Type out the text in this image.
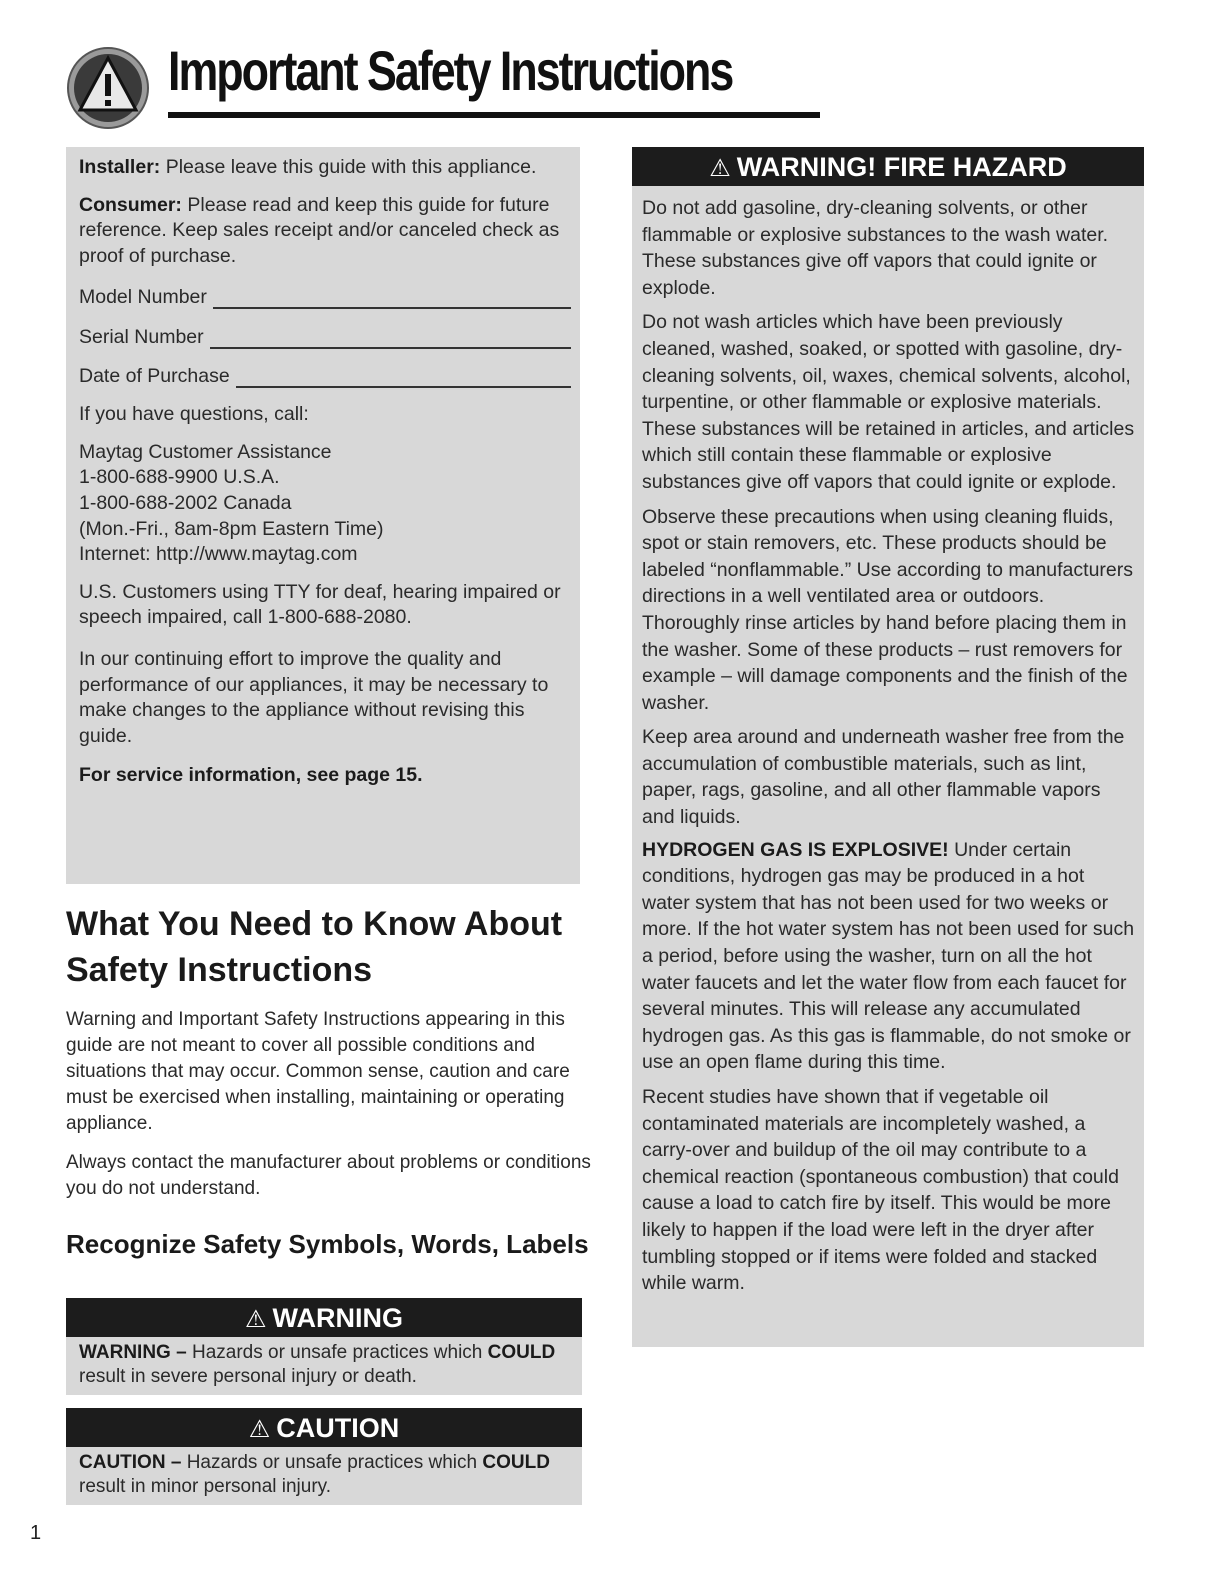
Important Safety Instructions

Installer: Please leave this guide with this appliance.

Consumer: Please read and keep this guide for future reference. Keep sales receipt and/or canceled check as proof of purchase.

Model Number
Serial Number
Date of Purchase

If you have questions, call:

Maytag Customer Assistance

1-800-688-9900 U.S.A.

1-800-688-2002 Canada

(Mon.-Fri., 8am-8pm Eastern Time)

Internet: http://www.maytag.com

U.S. Customers using TTY for deaf, hearing impaired or speech impaired, call 1-800-688-2080.

In our continuing effort to improve the quality and performance of our appliances, it may be necessary to make changes to the appliance without revising this guide.

For service information, see page 15.

⚠ WARNING! FIRE HAZARD

Do not add gasoline, dry-cleaning solvents, or other flammable or explosive substances to the wash water. These substances give off vapors that could ignite or explode.

Do not wash articles which have been previously cleaned, washed, soaked, or spotted with gasoline, dry-cleaning solvents, oil, waxes, chemical solvents, alcohol, turpentine, or other flammable or explosive materials. These substances will be retained in articles, and articles which still contain these flammable or explosive substances give off vapors that could ignite or explode.

Observe these precautions when using cleaning fluids, spot or stain removers, etc. These products should be labeled “nonflammable.” Use according to manufacturers directions in a well ventilated area or outdoors. Thoroughly rinse articles by hand before placing them in the washer. Some of these products – rust removers for example – will damage components and the finish of the washer.

Keep area around and underneath washer free from the accumulation of combustible materials, such as lint, paper, rags, gasoline, and all other flammable vapors and liquids.

HYDROGEN GAS IS EXPLOSIVE! Under certain conditions, hydrogen gas may be produced in a hot water system that has not been used for two weeks or more. If the hot water system has not been used for such a period, before using the washer, turn on all the hot water faucets and let the water flow from each faucet for several minutes. This will release any accumulated hydrogen gas. As this gas is flammable, do not smoke or use an open flame during this time.

Recent studies have shown that if vegetable oil contaminated materials are incompletely washed, a carry-over and buildup of the oil may contribute to a chemical reaction (spontaneous combustion) that could cause a load to catch fire by itself. This would be more likely to happen if the load were left in the dryer after tumbling stopped or if items were folded and stacked while warm.

What You Need to Know About Safety Instructions

Warning and Important Safety Instructions appearing in this guide are not meant to cover all possible conditions and situations that may occur. Common sense, caution and care must be exercised when installing, maintaining or operating appliance.

Always contact the manufacturer about problems or conditions you do not understand.

Recognize Safety Symbols, Words, Labels
⚠ WARNING

WARNING – Hazards or unsafe practices which COULD result in severe personal injury or death.

⚠ CAUTION

CAUTION – Hazards or unsafe practices which COULD result in minor personal injury.

1
